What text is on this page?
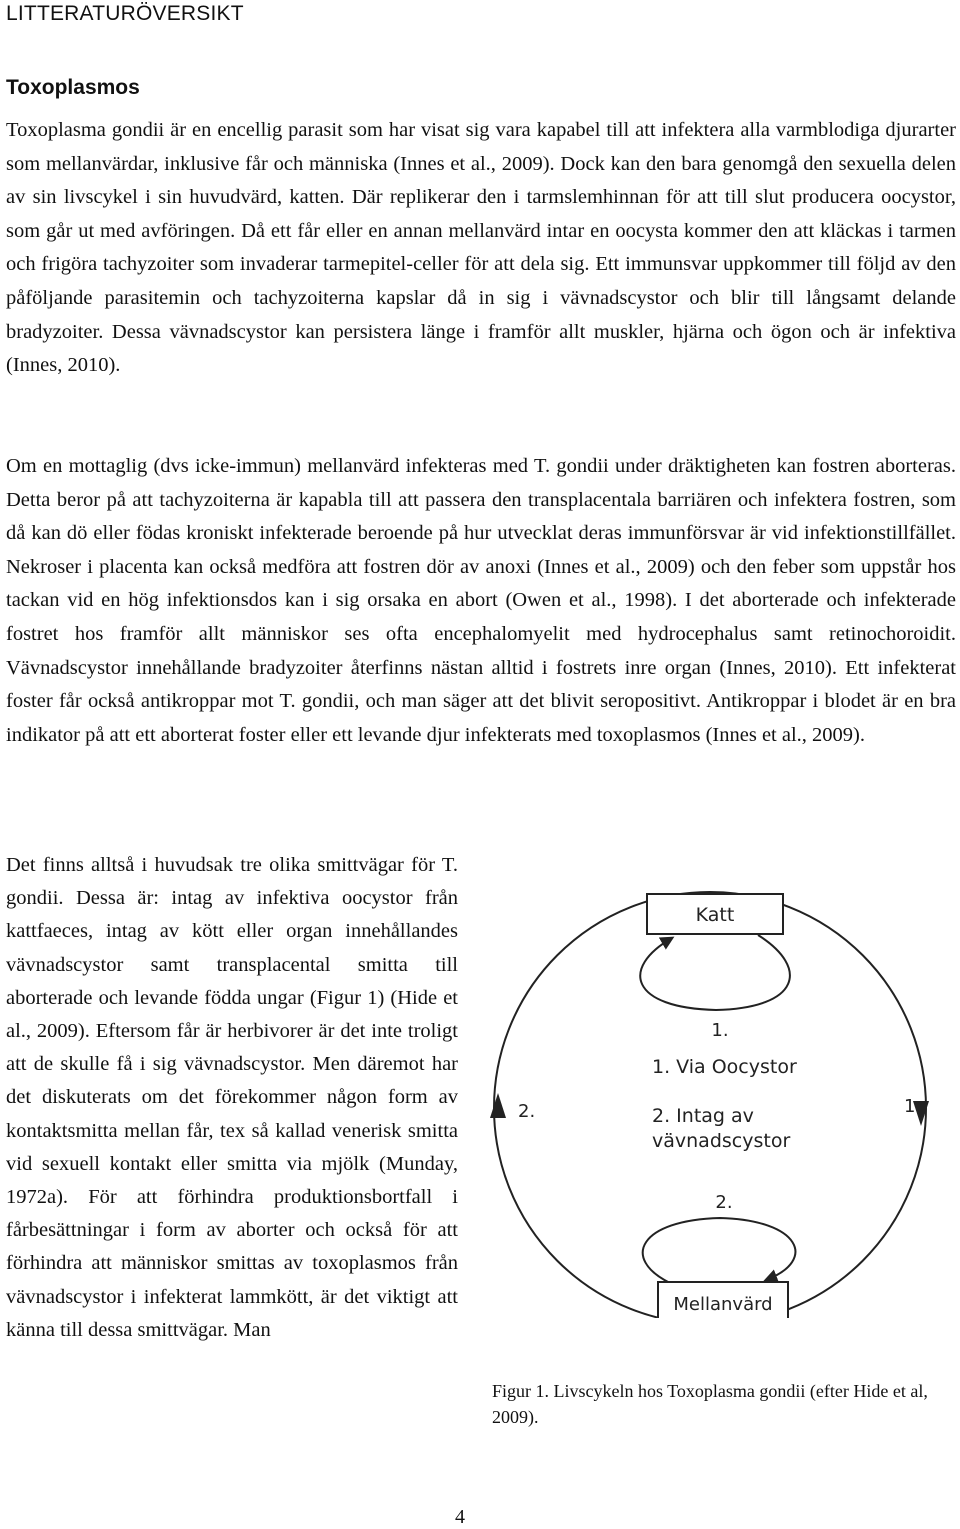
LITTERATURÖVERSIKT
Toxoplasmos

Toxoplasma gondii är en encellig parasit som har visat sig vara kapabel till att infektera alla varmblodiga djurarter som mellanvärdar, inklusive får och människa (Innes et al., 2009). Dock kan den bara genomgå den sexuella delen av sin livscykel i sin huvudvärd, katten. Där replikerar den i tarmslemhinnan för att till slut producera oocystor, som går ut med avföringen. Då ett får eller en annan mellanvärd intar en oocysta kommer den att kläckas i tarmen och frigöra tachyzoiter som invaderar tarmepitel-celler för att dela sig. Ett immunsvar uppkommer till följd av den påföljande parasitemin och tachyzoiterna kapslar då in sig i vävnadscystor och blir till långsamt delande bradyzoiter. Dessa vävnadscystor kan persistera länge i framför allt muskler, hjärna och ögon och är infektiva (Innes, 2010).

Om en mottaglig (dvs icke-immun) mellanvärd infekteras med T. gondii under dräktigheten kan fostren aborteras. Detta beror på att tachyzoiterna är kapabla till att passera den transplacentala barriären och infektera fostren, som då kan dö eller födas kroniskt infekterade beroende på hur utvecklat deras immunförsvar är vid infektionstillfället. Nekroser i placenta kan också medföra att fostren dör av anoxi (Innes et al., 2009) och den feber som uppstår hos tackan vid en hög infektionsdos kan i sig orsaka en abort (Owen et al., 1998). I det aborterade och infekterade fostret hos framför allt människor ses ofta encephalomyelit med hydrocephalus samt retinochoroidit. Vävnadscystor innehållande bradyzoiter återfinns nästan alltid i fostrets inre organ (Innes, 2010). Ett infekterat foster får också antikroppar mot T. gondii, och man säger att det blivit seropositivt. Antikroppar i blodet är en bra indikator på att ett aborterat foster eller ett levande djur infekterats med toxoplasmos (Innes et al., 2009).

Det finns alltså i huvudsak tre olika smittvägar för T. gondii. Dessa är: intag av infektiva oocystor från kattfaeces, intag av kött eller organ innehållandes vävnadscystor samt transplacental smitta till aborterade och levande födda ungar (Figur 1) (Hide et al., 2009). Eftersom får är herbivorer är det inte troligt att de skulle få i sig vävnadscystor. Men däremot har det diskuterats om det förekommer någon form av kontaktsmitta mellan får, tex så kallad venerisk smitta vid sexuell kontakt eller smitta via mjölk (Munday, 1972a). För att förhindra produktionsbortfall i fårbesättningar i form av aborter och också för att förhindra att människor smittas av toxoplasmos från vävnadscystor i infekterat lammkött, är det viktigt att känna till dessa smittvägar. Man

Katt
1.
1. Via Oocystor
2. Intag av
vävnadscystor
2.	1.
2.
Mellanvärd

Figur 1. Livscykeln hos Toxoplasma gondii (efter Hide et al, 2009).

4
